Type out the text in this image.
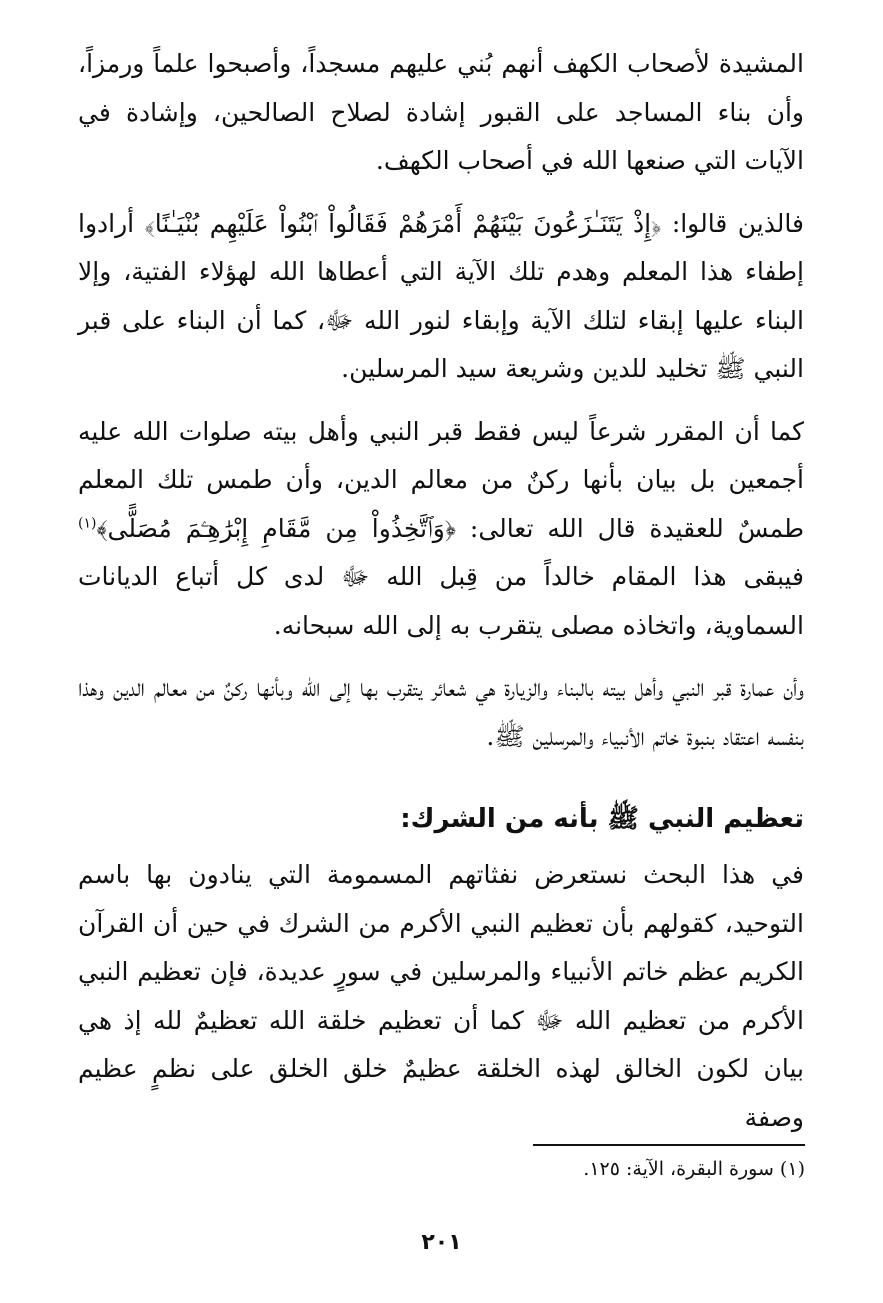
المشيدة لأصحاب الكهف أنهم بُني عليهم مسجداً، وأصبحوا علماً ورمزاً، وأن بناء المساجد على القبور إشادة لصلاح الصالحين، وإشادة في الآيات التي صنعها الله في أصحاب الكهف.

فالذين قالوا: ﴿إِذْ يَتَنَـٰزَعُونَ بَيْنَهُمْ أَمْرَهُمْ فَقَالُواْ ٱبْنُواْ عَلَيْهِم بُنْيَـٰنًا﴾ أرادوا إطفاء هذا المعلم وهدم تلك الآية التي أعطاها الله لهؤلاء الفتية، وإلا البناء عليها إبقاء لتلك الآية وإبقاء لنور الله ﷻ، كما أن البناء على قبر النبي ﷺ تخليد للدين وشريعة سيد المرسلين.

كما أن المقرر شرعاً ليس فقط قبر النبي وأهل بيته صلوات الله عليه أجمعين بل بيان بأنها ركنٌ من معالم الدين، وأن طمس تلك المعلم طمسٌ للعقيدة قال الله تعالى: ﴿وَٱتَّخِذُواْ مِن مَّقَامِ إِبْرَٰهِـۧمَ مُصَلًّى﴾$^{(١)}$ فيبقى هذا المقام خالداً من قِبل الله ﷻ لدى كل أتباع الديانات السماوية، واتخاذه مصلى يتقرب به إلى الله سبحانه.

وأن عمارة قبر النبي وأهل بيته بالبناء والزيارة هي شعائر يتقرب بها إلى الله وبأنها ركنٌ من معالم الدين وهذا بنفسه اعتقاد بنبوة خاتم الأنبياء والمرسلين ﷺ.

تعظيم النبي ﷺ بأنه من الشرك:

في هذا البحث نستعرض نفثاتهم المسمومة التي ينادون بها باسم التوحيد، كقولهم بأن تعظيم النبي الأكرم من الشرك في حين أن القرآن الكريم عظم خاتم الأنبياء والمرسلين في سورٍ عديدة، فإن تعظيم النبي الأكرم من تعظيم الله ﷻ كما أن تعظيم خلقة الله تعظيمٌ لله إذ هي بيان لكون الخالق لهذه الخلقة عظيمٌ خلق الخلق على نظمٍ عظيم وصفة

(١) سورة البقرة، الآية: ١٢٥.
٢٠١
